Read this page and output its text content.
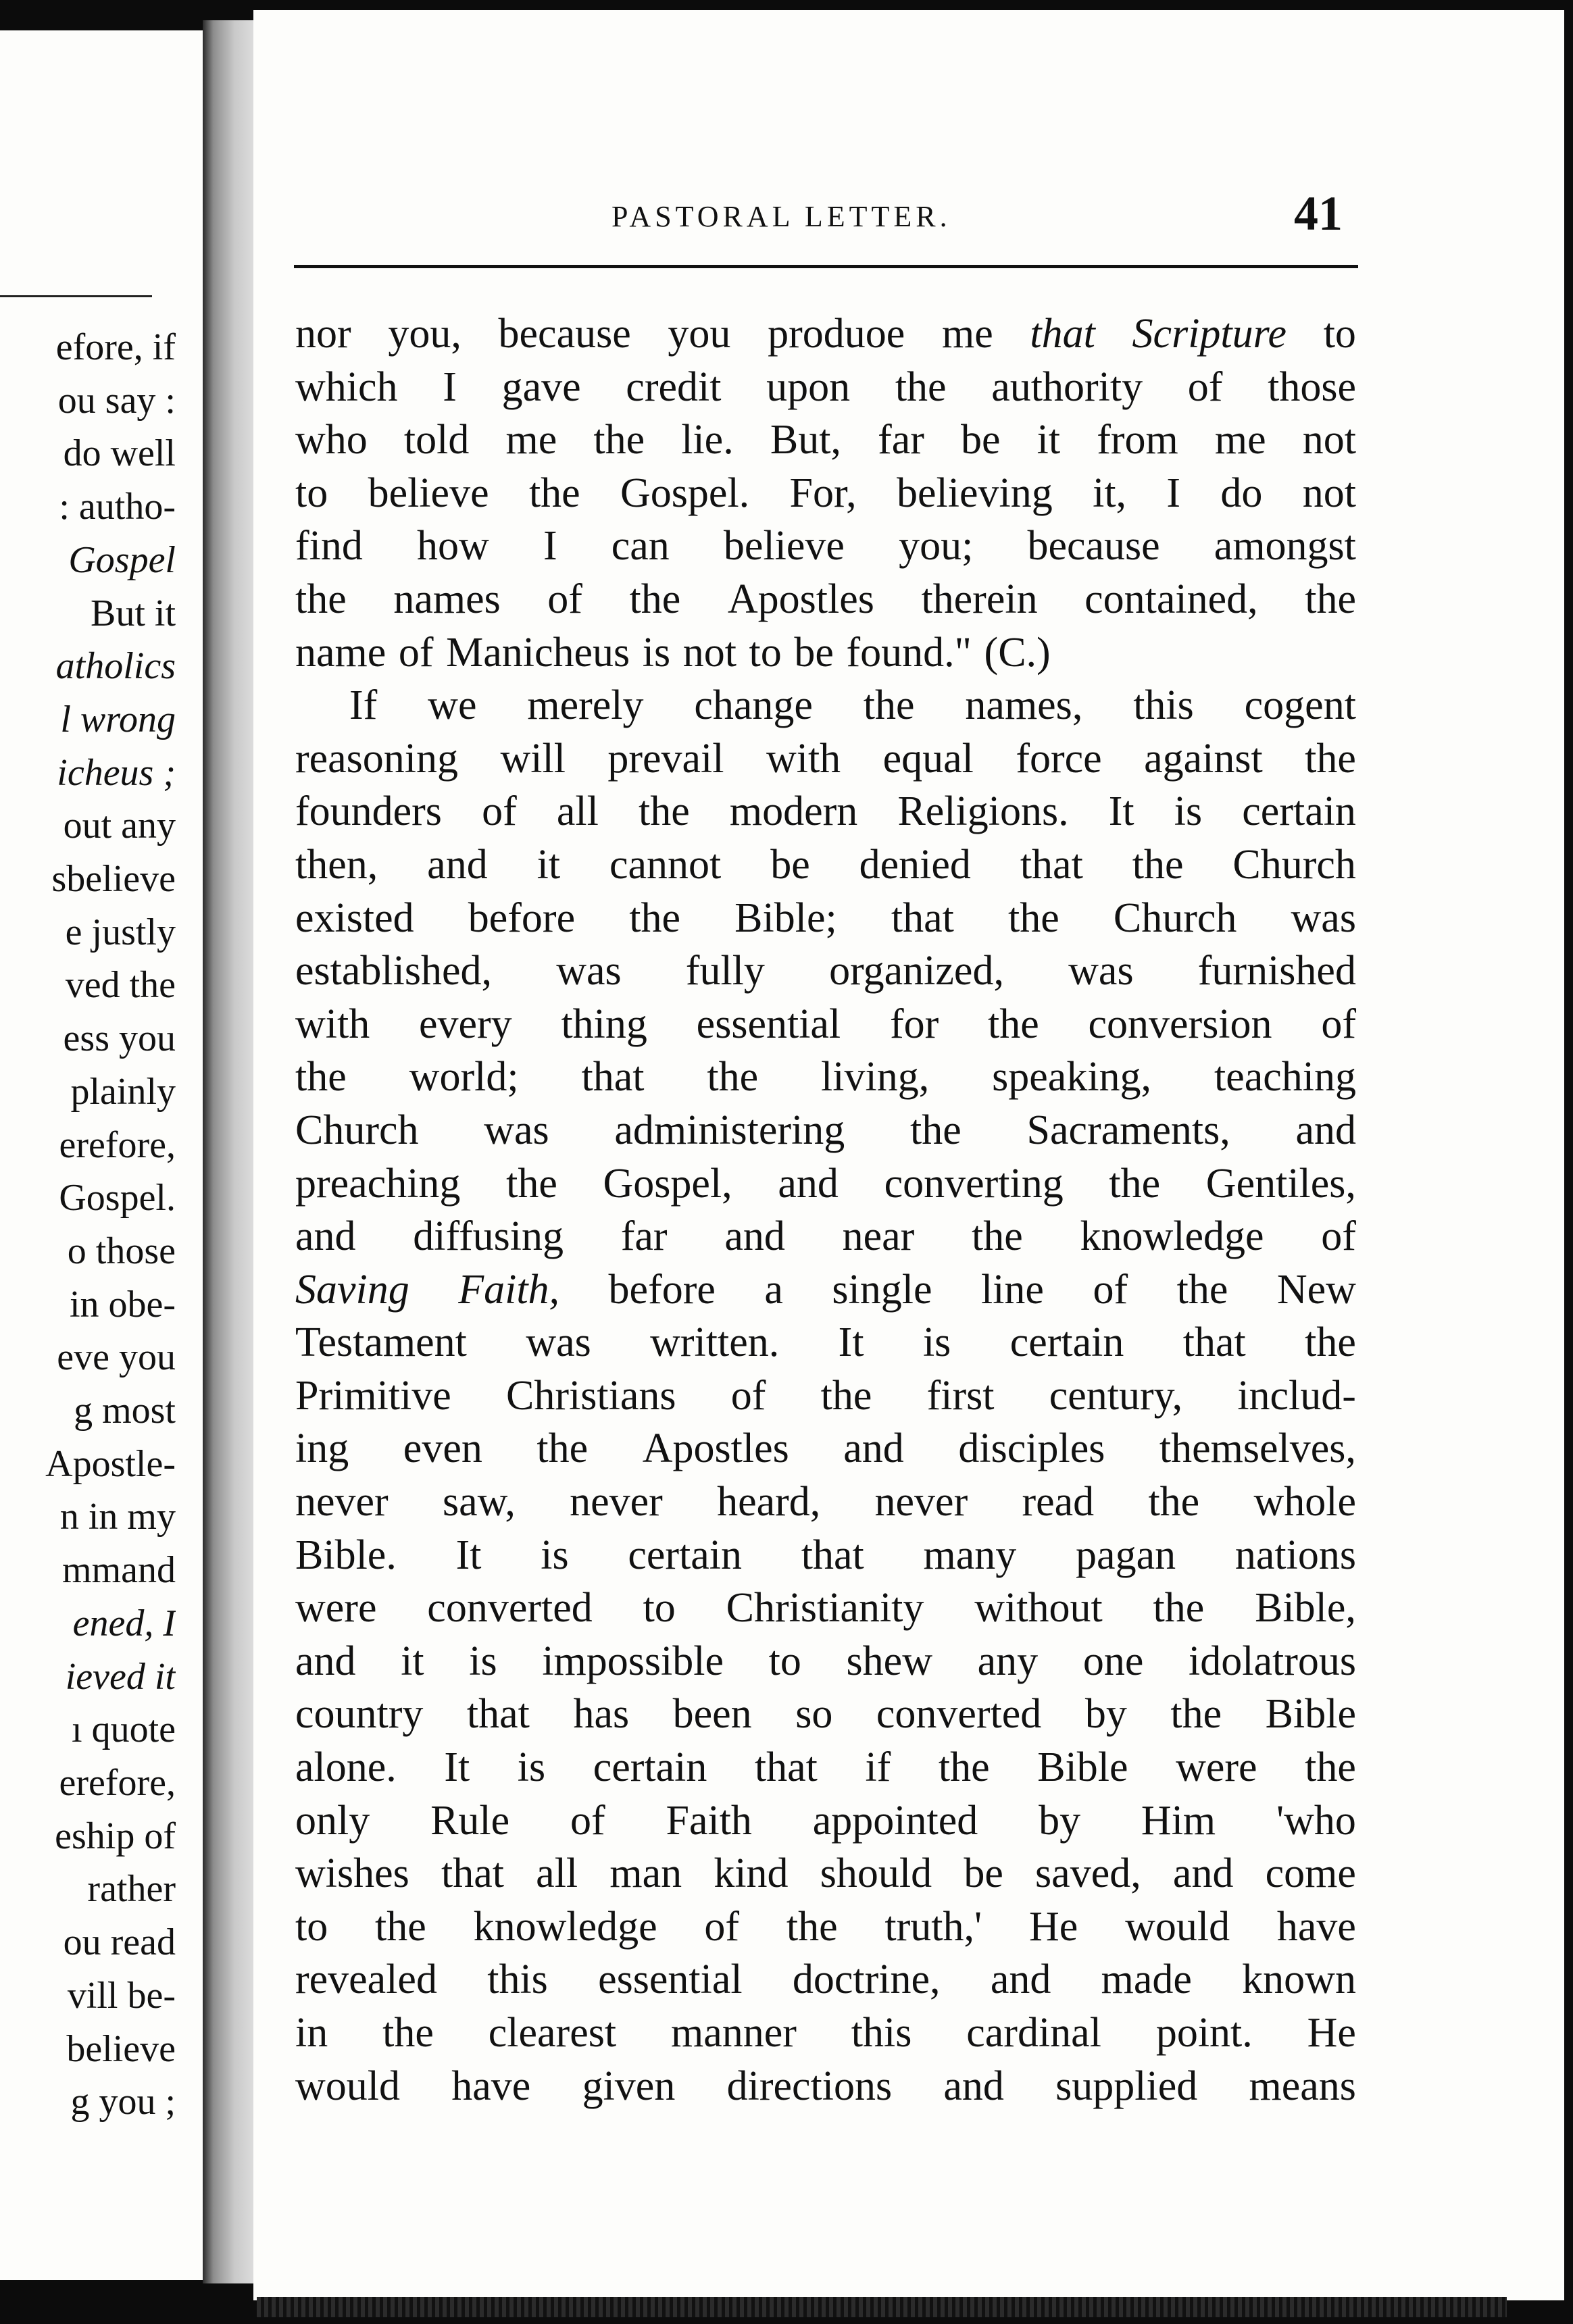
efore, if
ou say :
do well
: autho-
Gospel
But it
atholics
l wrong
icheus ;
out any
sbelieve
e justly
ved the
ess you
plainly
erefore,
Gospel.
o those
in obe-
eve you
g most
Apostle-
n in my
mmand
ened, I
ieved it
ı quote
erefore,
eship of
rather
ou read
vill be-
believe
g you ;
PASTORAL LETTER.	41
nor you, because you produoe me that Scripture to
which I gave credit upon the authority of those
who told me the lie. But, far be it from me not
to believe the Gospel. For, believing it, I do not
find how I can believe you; because amongst
the names of the Apostles therein contained, the
name of Manicheus is not to be found." (C.)
If we merely change the names, this cogent
reasoning will prevail with equal force against the
founders of all the modern Religions. It is certain
then, and it cannot be denied that the Church
existed before the Bible; that the Church was
established, was fully organized, was furnished
with every thing essential for the conversion of
the world; that the living, speaking, teaching
Church was administering the Sacraments, and
preaching the Gospel, and converting the Gentiles,
and diffusing far and near the knowledge of
Saving Faith, before a single line of the New
Testament was written. It is certain that the
Primitive Christians of the first century, includ-
ing even the Apostles and disciples themselves,
never saw, never heard, never read the whole
Bible. It is certain that many pagan nations
were converted to Christianity without the Bible,
and it is impossible to shew any one idolatrous
country that has been so converted by the Bible
alone. It is certain that if the Bible were the
only Rule of Faith appointed by Him 'who
wishes that all man kind should be saved, and come
to the knowledge of the truth,' He would have
revealed this essential doctrine, and made known
in the clearest manner this cardinal point. He
would have given directions and supplied means
